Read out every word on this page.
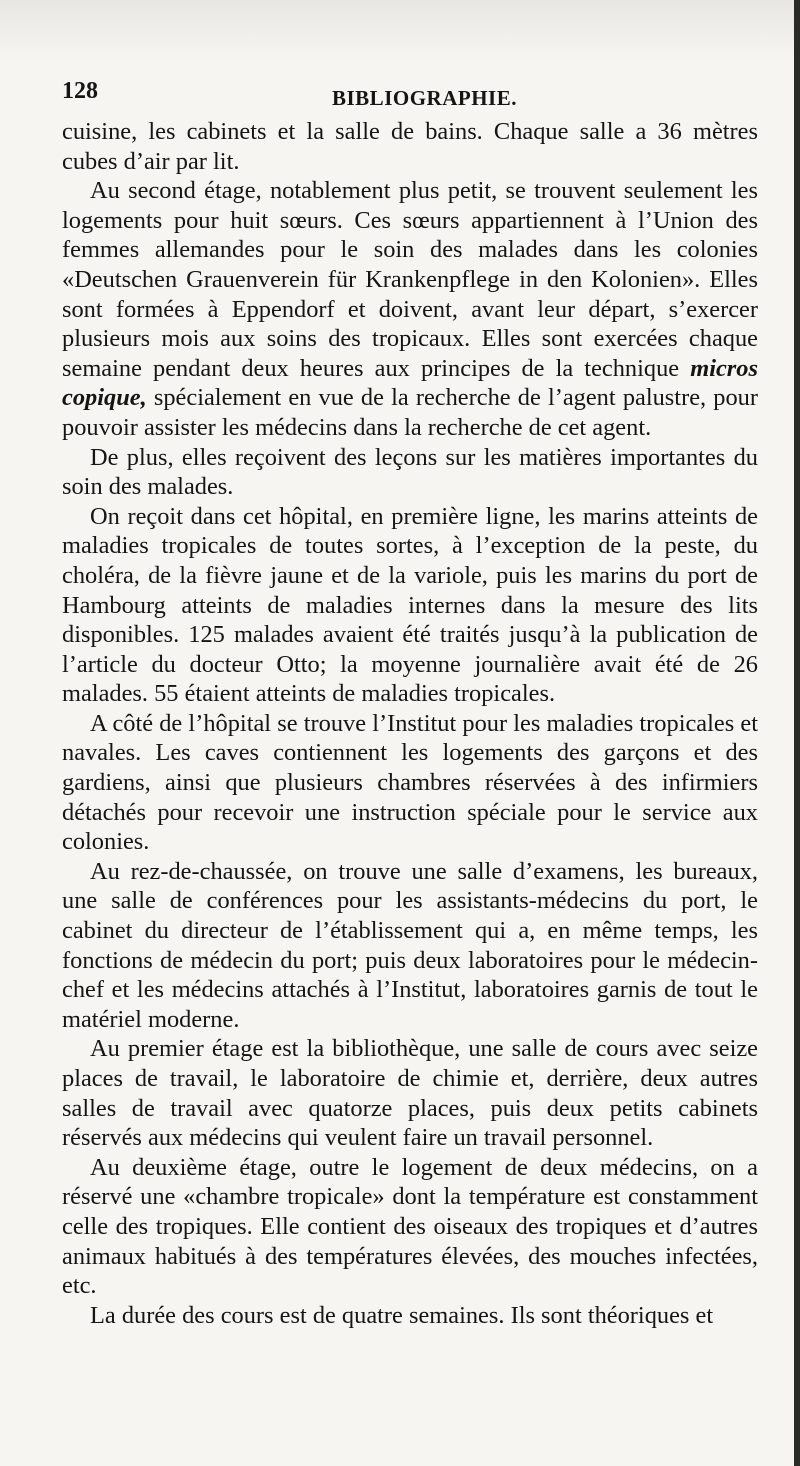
128	BIBLIOGRAPHIE.

cuisine, les cabinets et la salle de bains. Chaque salle a 36 mètres cubes d’air par lit.

Au second étage, notablement plus petit, se trouvent seulement les logements pour huit sœurs. Ces sœurs appartiennent à l’Union des femmes allemandes pour le soin des malades dans les colonies «Deutschen Grauenverein für Krankenpflege in den Kolonien». Elles sont formées à Eppendorf et doivent, avant leur départ, s’exercer plusieurs mois aux soins des tropicaux. Elles sont exercées chaque semaine pendant deux heures aux principes de la technique micros copique, spécialement en vue de la recherche de l’agent palustre, pour pouvoir assister les médecins dans la recherche de cet agent.

De plus, elles reçoivent des leçons sur les matières importantes du soin des malades.

On reçoit dans cet hôpital, en première ligne, les marins atteints de maladies tropicales de toutes sortes, à l’exception de la peste, du choléra, de la fièvre jaune et de la variole, puis les marins du port de Hambourg atteints de maladies internes dans la mesure des lits disponibles. 125 malades avaient été traités jusqu’à la publication de l’article du docteur Otto; la moyenne journalière avait été de 26 malades. 55 étaient atteints de maladies tropicales.

A côté de l’hôpital se trouve l’Institut pour les maladies tropicales et navales. Les caves contiennent les logements des garçons et des gardiens, ainsi que plusieurs chambres réservées à des infirmiers détachés pour recevoir une instruction spéciale pour le service aux colonies.

Au rez-de-chaussée, on trouve une salle d’examens, les bureaux, une salle de conférences pour les assistants-médecins du port, le cabinet du directeur de l’établissement qui a, en même temps, les fonctions de médecin du port; puis deux laboratoires pour le médecin-chef et les médecins attachés à l’Institut, laboratoires garnis de tout le matériel moderne.

Au premier étage est la bibliothèque, une salle de cours avec seize places de travail, le laboratoire de chimie et, derrière, deux autres salles de travail avec quatorze places, puis deux petits cabinets réservés aux médecins qui veulent faire un travail personnel.

Au deuxième étage, outre le logement de deux médecins, on a réservé une «chambre tropicale» dont la température est constamment celle des tropiques. Elle contient des oiseaux des tropiques et d’autres animaux habitués à des températures élevées, des mouches infectées, etc.

La durée des cours est de quatre semaines. Ils sont théoriques et
